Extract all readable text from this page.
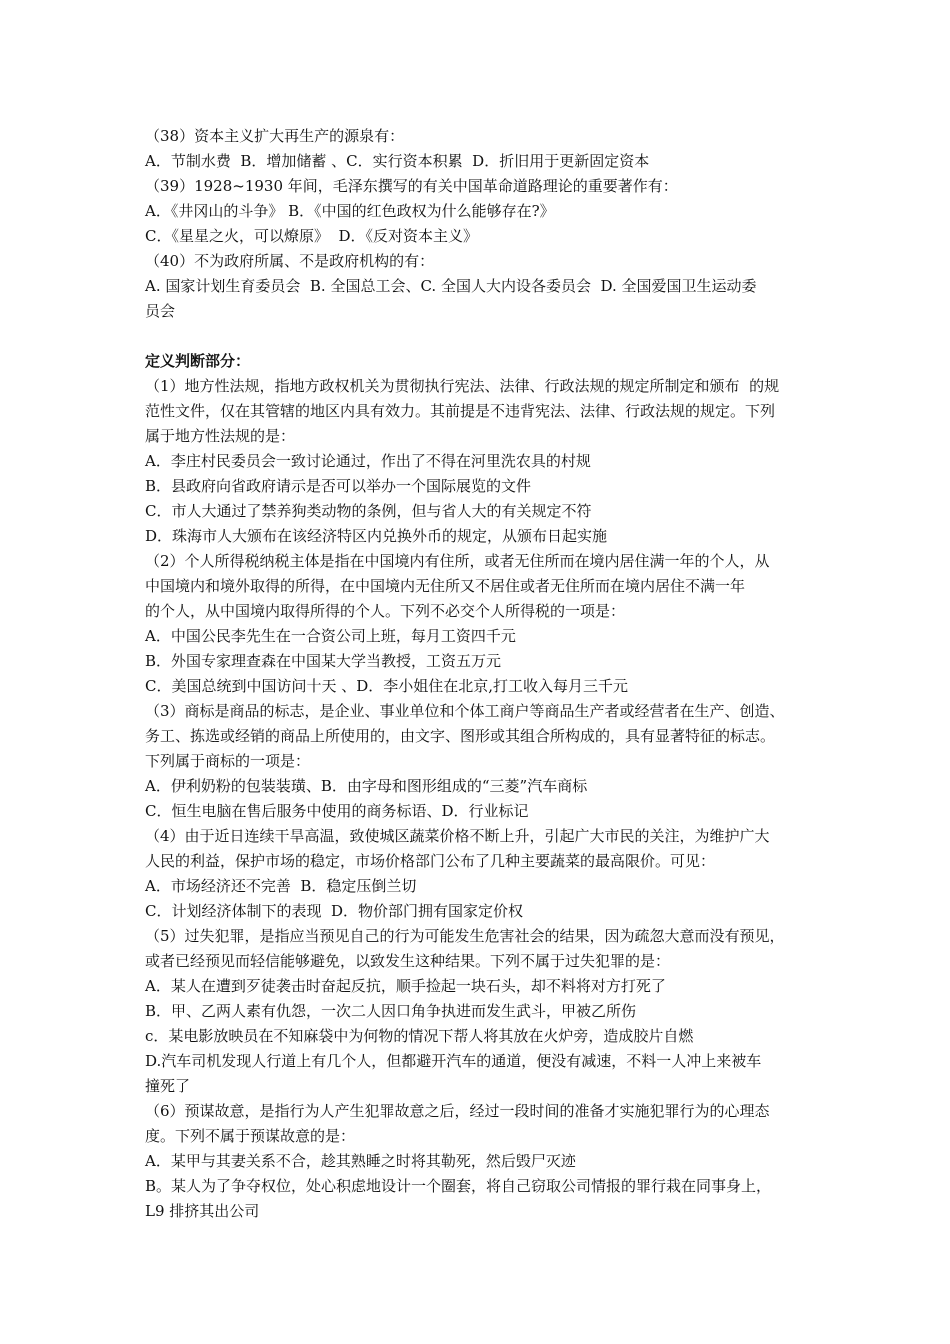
（38）资本主义扩大再生产的源泉有：
A．节制水费  B．增加储蓄 、C．实行资本积累  D．折旧用于更新固定资本
（39）1928~1930 年间，毛泽东撰写的有关中国革命道路理论的重要著作有：
A．《井冈山的斗争》 B．《中国的红色政权为什么能够存在?》
C．《星星之火，可以燎原》  D．《反对资本主义》
（40）不为政府所属、不是政府机构的有：
A. 国家计划生育委员会  B. 全国总工会、C. 全国人大内设各委员会  D. 全国爱国卫生运动委
员会
定义判断部分：
（1）地方性法规，指地方政权机关为贯彻执行宪法、法律、行政法规的规定所制定和颁布  的规
范性文件，仅在其管辖的地区内具有效力。其前提是不违背宪法、法律、行政法规的规定。下列
属于地方性法规的是：
A．李庄村民委员会一致讨论通过，作出了不得在河里洗农具的村规
B．县政府向省政府请示是否可以举办一个国际展览的文件
C．市人大通过了禁养狗类动物的条例，但与省人大的有关规定不符
D．珠海市人大颁布在该经济特区内兑换外币的规定，从颁布日起实施
（2）个人所得税纳税主体是指在中国境内有住所，或者无住所而在境内居住满一年的个人，从
中国境内和境外取得的所得，在中国境内无住所又不居住或者无住所而在境内居住不满一年
的个人，从中国境内取得所得的个人。下列不必交个人所得税的一项是：
A．中国公民李先生在一合资公司上班，每月工资四千元
B．外国专家理查森在中国某大学当教授，工资五万元
C．美国总统到中国访问十天 、D．李小姐住在北京,打工收入每月三千元
（3）商标是商品的标志，是企业、事业单位和个体工商户等商品生产者或经营者在生产、创造、
务工、拣选或经销的商品上所使用的，由文字、图形或其组合所构成的，具有显著特征的标志。
下列属于商标的一项是：
A．伊利奶粉的包装装璜、B．由字母和图形组成的“三菱”汽车商标
C．恒生电脑在售后服务中使用的商务标语、D．行业标记
（4）由于近日连续干旱高温，致使城区蔬菜价格不断上升，引起广大市民的关注，为维护广大
人民的利益，保护市场的稳定，市场价格部门公布了几种主要蔬菜的最高限价。可见：
A．市场经济还不完善  B．稳定压倒兰切
C．计划经济体制下的表现  D．物价部门拥有国家定价权
（5）过失犯罪，是指应当预见自己的行为可能发生危害社会的结果，因为疏忽大意而没有预见，
或者已经预见而轻信能够避免，以致发生这种结果。下列不属于过失犯罪的是：
A．某人在遭到歹徒袭击时奋起反抗，顺手捡起一块石头，却不料将对方打死了
B．甲、乙两人素有仇怨，一次二人因口角争执进而发生武斗，甲被乙所伤
c．某电影放映员在不知麻袋中为何物的情况下帮人将其放在火炉旁，造成胶片自燃
D.汽车司机发现人行道上有几个人，但都避开汽车的通道，便没有减速，不料一人冲上来被车
撞死了
（6）预谋故意，是指行为人产生犯罪故意之后，经过一段时间的准备才实施犯罪行为的心理态
度。下列不属于预谋故意的是：
A．某甲与其妻关系不合，趁其熟睡之时将其勒死，然后毁尸灭迹
B。某人为了争夺权位，处心积虑地设计一个圈套，将自己窃取公司情报的罪行栽在同事身上，
L9 排挤其出公司
